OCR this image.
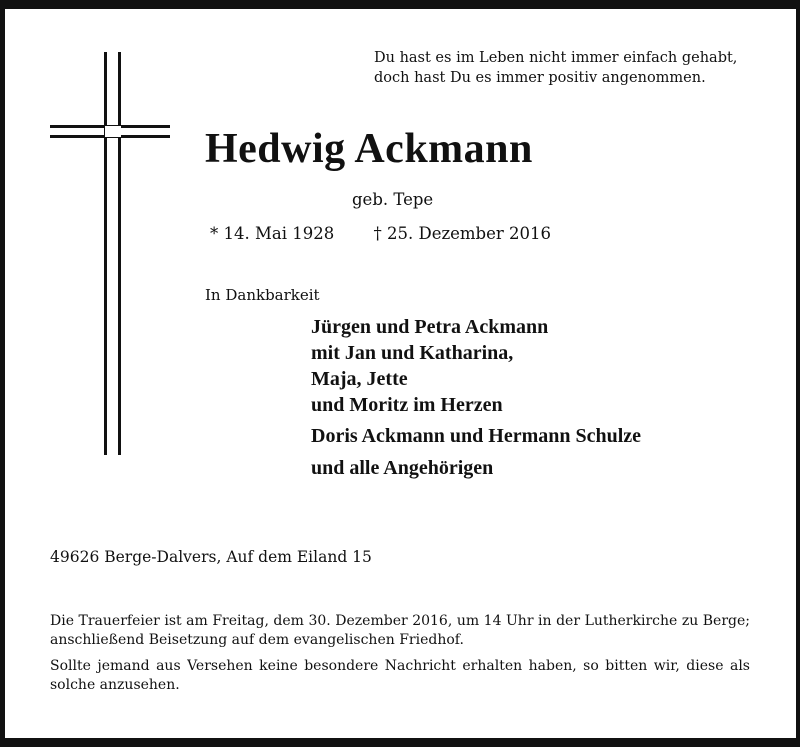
Du hast es im Leben nicht immer einfach gehabt,
doch hast Du es immer positiv angenommen.
Hedwig Ackmann
geb. Tepe
* 14. Mai 1928 † 25. Dezember 2016
In Dankbarkeit
Jürgen und Petra Ackmann
mit Jan und Katharina,
Maja, Jette
und Moritz im Herzen
Doris Ackmann und Hermann Schulze
und alle Angehörigen
49626 Berge-Dalvers, Auf dem Eiland 15
Die Trauerfeier ist am Freitag, dem 30. Dezember 2016, um 14 Uhr in der Lutherkirche zu Berge; anschließend Beisetzung auf dem evangelischen Friedhof.
Sollte jemand aus Versehen keine besondere Nachricht erhalten haben, so bitten wir, diese als solche anzusehen.
